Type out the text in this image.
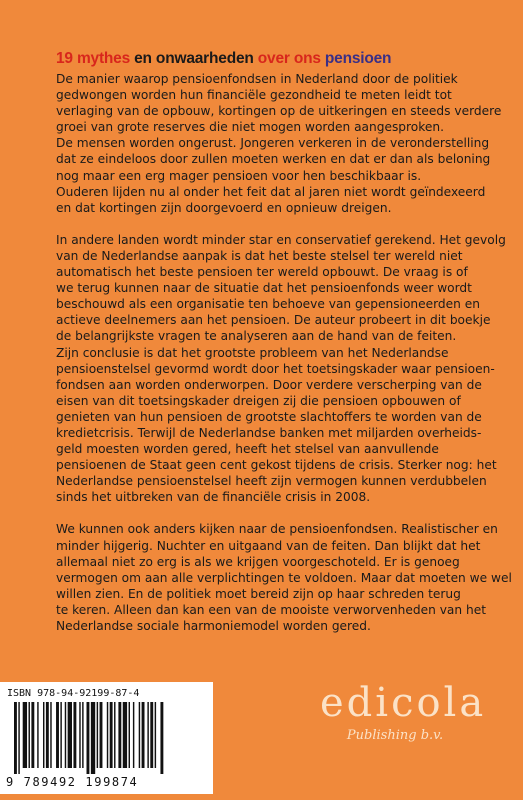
19 mythes en onwaarheden over ons pensioen

De manier waarop pensioenfondsen in Nederland door de politiek

gedwongen worden hun financiële gezondheid te meten leidt tot

verlaging van de opbouw, kortingen op de uitkeringen en steeds verdere

groei van grote reserves die niet mogen worden aangesproken.

De mensen worden ongerust. Jongeren verkeren in de veronderstelling

dat ze eindeloos door zullen moeten werken en dat er dan als beloning

nog maar een erg mager pensioen voor hen beschikbaar is.

Ouderen lijden nu al onder het feit dat al jaren niet wordt geïndexeerd

en dat kortingen zijn doorgevoerd en opnieuw dreigen.

In andere landen wordt minder star en conservatief gerekend. Het gevolg

van de Nederlandse aanpak is dat het beste stelsel ter wereld niet

automatisch het beste pensioen ter wereld opbouwt. De vraag is of

we terug kunnen naar de situatie dat het pensioenfonds weer wordt

beschouwd als een organisatie ten behoeve van gepensioneerden en

actieve deelnemers aan het pensioen. De auteur probeert in dit boekje

de belangrijkste vragen te analyseren aan de hand van de feiten.

Zijn conclusie is dat het grootste probleem van het Nederlandse

pensioenstelsel gevormd wordt door het toetsingskader waar pensioen-

fondsen aan worden onderworpen. Door verdere verscherping van de

eisen van dit toetsingskader dreigen zij die pensioen opbouwen of

genieten van hun pensioen de grootste slachtoffers te worden van de

kredietcrisis. Terwijl de Nederlandse banken met miljarden overheids-

geld moesten worden gered, heeft het stelsel van aanvullende

pensioenen de Staat geen cent gekost tijdens de crisis. Sterker nog: het

Nederlandse pensioenstelsel heeft zijn vermogen kunnen verdubbelen

sinds het uitbreken van de financiële crisis in 2008.

We kunnen ook anders kijken naar de pensioenfondsen. Realistischer en

minder hijgerig. Nuchter en uitgaand van de feiten. Dan blijkt dat het

allemaal niet zo erg is als we krijgen voorgeschoteld. Er is genoeg

vermogen om aan alle verplichtingen te voldoen. Maar dat moeten we wel

willen zien. En de politiek moet bereid zijn op haar schreden terug

te keren. Alleen dan kan een van de mooiste verworvenheden van het

Nederlandse sociale harmoniemodel worden gered.

ISBN 978-94-92199-87-4
9 789492 199874
edicola
Publishing b.v.
